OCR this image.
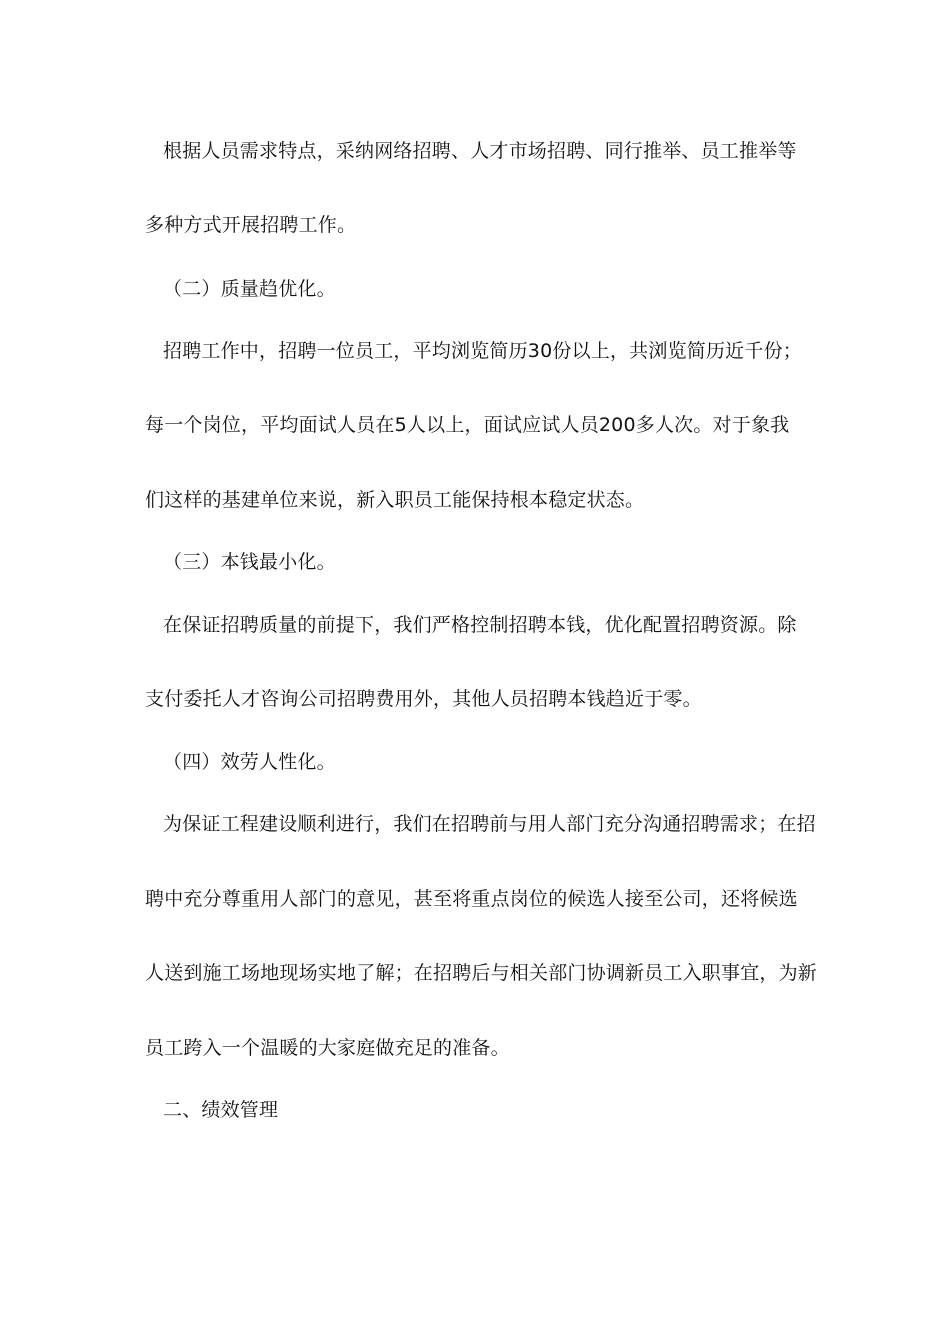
根据人员需求特点，采纳网络招聘、人才市场招聘、同行推举、员工推举等
多种方式开展招聘工作。
（二）质量趋优化。
招聘工作中，招聘一位员工，平均浏览简历30份以上，共浏览简历近千份；
每一个岗位，平均面试人员在5人以上，面试应试人员200多人次。对于象我
们这样的基建单位来说，新入职员工能保持根本稳定状态。
（三）本钱最小化。
在保证招聘质量的前提下，我们严格控制招聘本钱，优化配置招聘资源。除
支付委托人才咨询公司招聘费用外，其他人员招聘本钱趋近于零。
（四）效劳人性化。
为保证工程建设顺利进行，我们在招聘前与用人部门充分沟通招聘需求；在招
聘中充分尊重用人部门的意见，甚至将重点岗位的候选人接至公司，还将候选
人送到施工场地现场实地了解；在招聘后与相关部门协调新员工入职事宜，为新
员工跨入一个温暖的大家庭做充足的准备。
二、绩效管理
